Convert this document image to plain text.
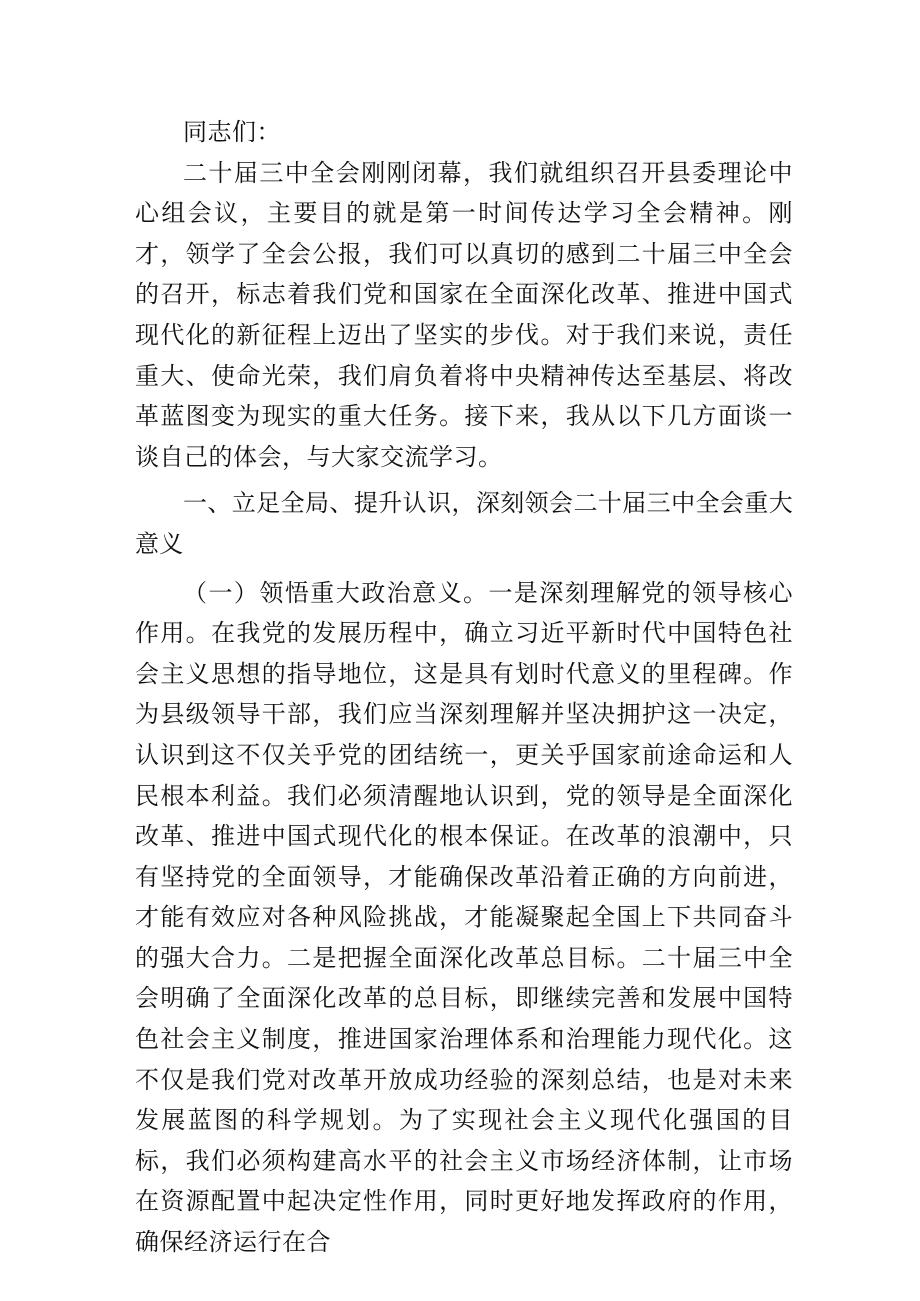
同志们：

二十届三中全会刚刚闭幕，我们就组织召开县委理论中心组会议，主要目的就是第一时间传达学习全会精神。刚才，领学了全会公报，我们可以真切的感到二十届三中全会的召开，标志着我们党和国家在全面深化改革、推进中国式现代化的新征程上迈出了坚实的步伐。对于我们来说，责任重大、使命光荣，我们肩负着将中央精神传达至基层、将改革蓝图变为现实的重大任务。接下来，我从以下几方面谈一谈自己的体会，与大家交流学习。

一、立足全局、提升认识，深刻领会二十届三中全会重大意义

（一）领悟重大政治意义。一是深刻理解党的领导核心作用。在我党的发展历程中，确立习近平新时代中国特色社会主义思想的指导地位，这是具有划时代意义的里程碑。作为县级领导干部，我们应当深刻理解并坚决拥护这一决定，认识到这不仅关乎党的团结统一，更关乎国家前途命运和人民根本利益。我们必须清醒地认识到，党的领导是全面深化改革、推进中国式现代化的根本保证。在改革的浪潮中，只有坚持党的全面领导，才能确保改革沿着正确的方向前进，才能有效应对各种风险挑战，才能凝聚起全国上下共同奋斗的强大合力。二是把握全面深化改革总目标。二十届三中全会明确了全面深化改革的总目标，即继续完善和发展中国特色社会主义制度，推进国家治理体系和治理能力现代化。这不仅是我们党对改革开放成功经验的深刻总结，也是对未来发展蓝图的科学规划。为了实现社会主义现代化强国的目标，我们必须构建高水平的社会主义市场经济体制，让市场在资源配置中起决定性作用，同时更好地发挥政府的作用，确保经济运行在合
